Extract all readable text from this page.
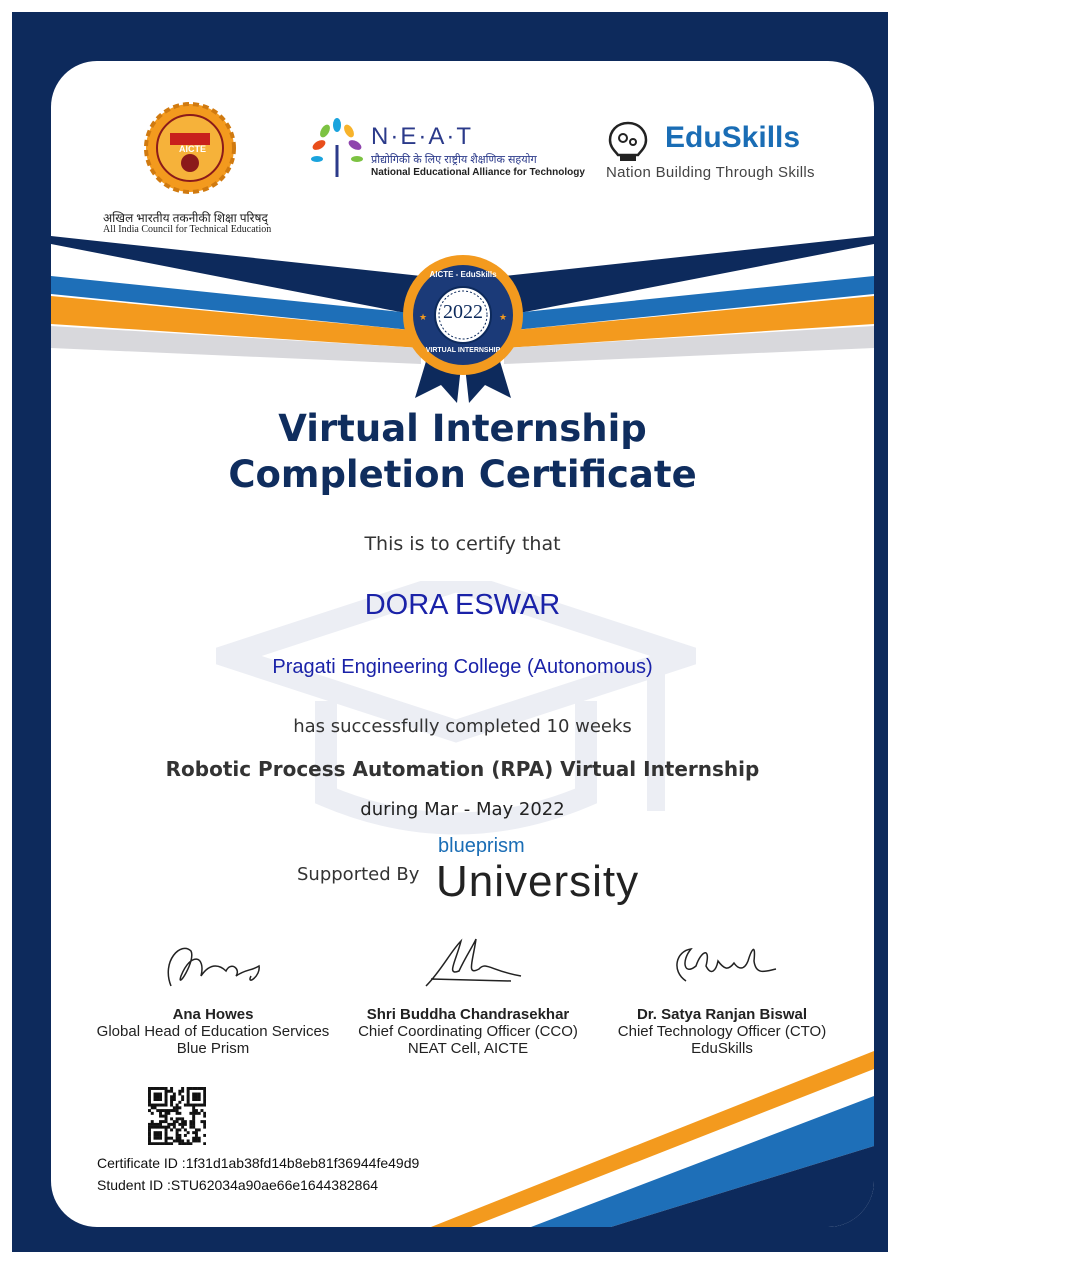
AICTE
अखिल भारतीय तकनीकी शिक्षा परिषद्
All India Council for Technical Education
N·E·A·T
प्रौद्योगिकी के लिए राष्ट्रीय शैक्षणिक सहयोग
National Educational Alliance for Technology
EduSkills
Nation Building Through Skills
★	★
AICTE - EduSkills
2022
VIRTUAL INTERNSHIP
Virtual Internship
Completion Certificate
This is to certify that
DORA ESWAR
Pragati Engineering College (Autonomous)
has successfully completed 10 weeks
Robotic Process Automation (RPA) Virtual Internship
during Mar - May 2022
Supported By
blueprism
University
Ana Howes
Global Head of Education Services
Blue Prism
Shri Buddha Chandrasekhar
Chief Coordinating Officer (CCO)
NEAT Cell, AICTE
Dr. Satya Ranjan Biswal
Chief Technology Officer (CTO)
EduSkills
Certificate ID :1f31d1ab38fd14b8eb81f36944fe49d9
Student ID :STU62034a90ae66e1644382864
